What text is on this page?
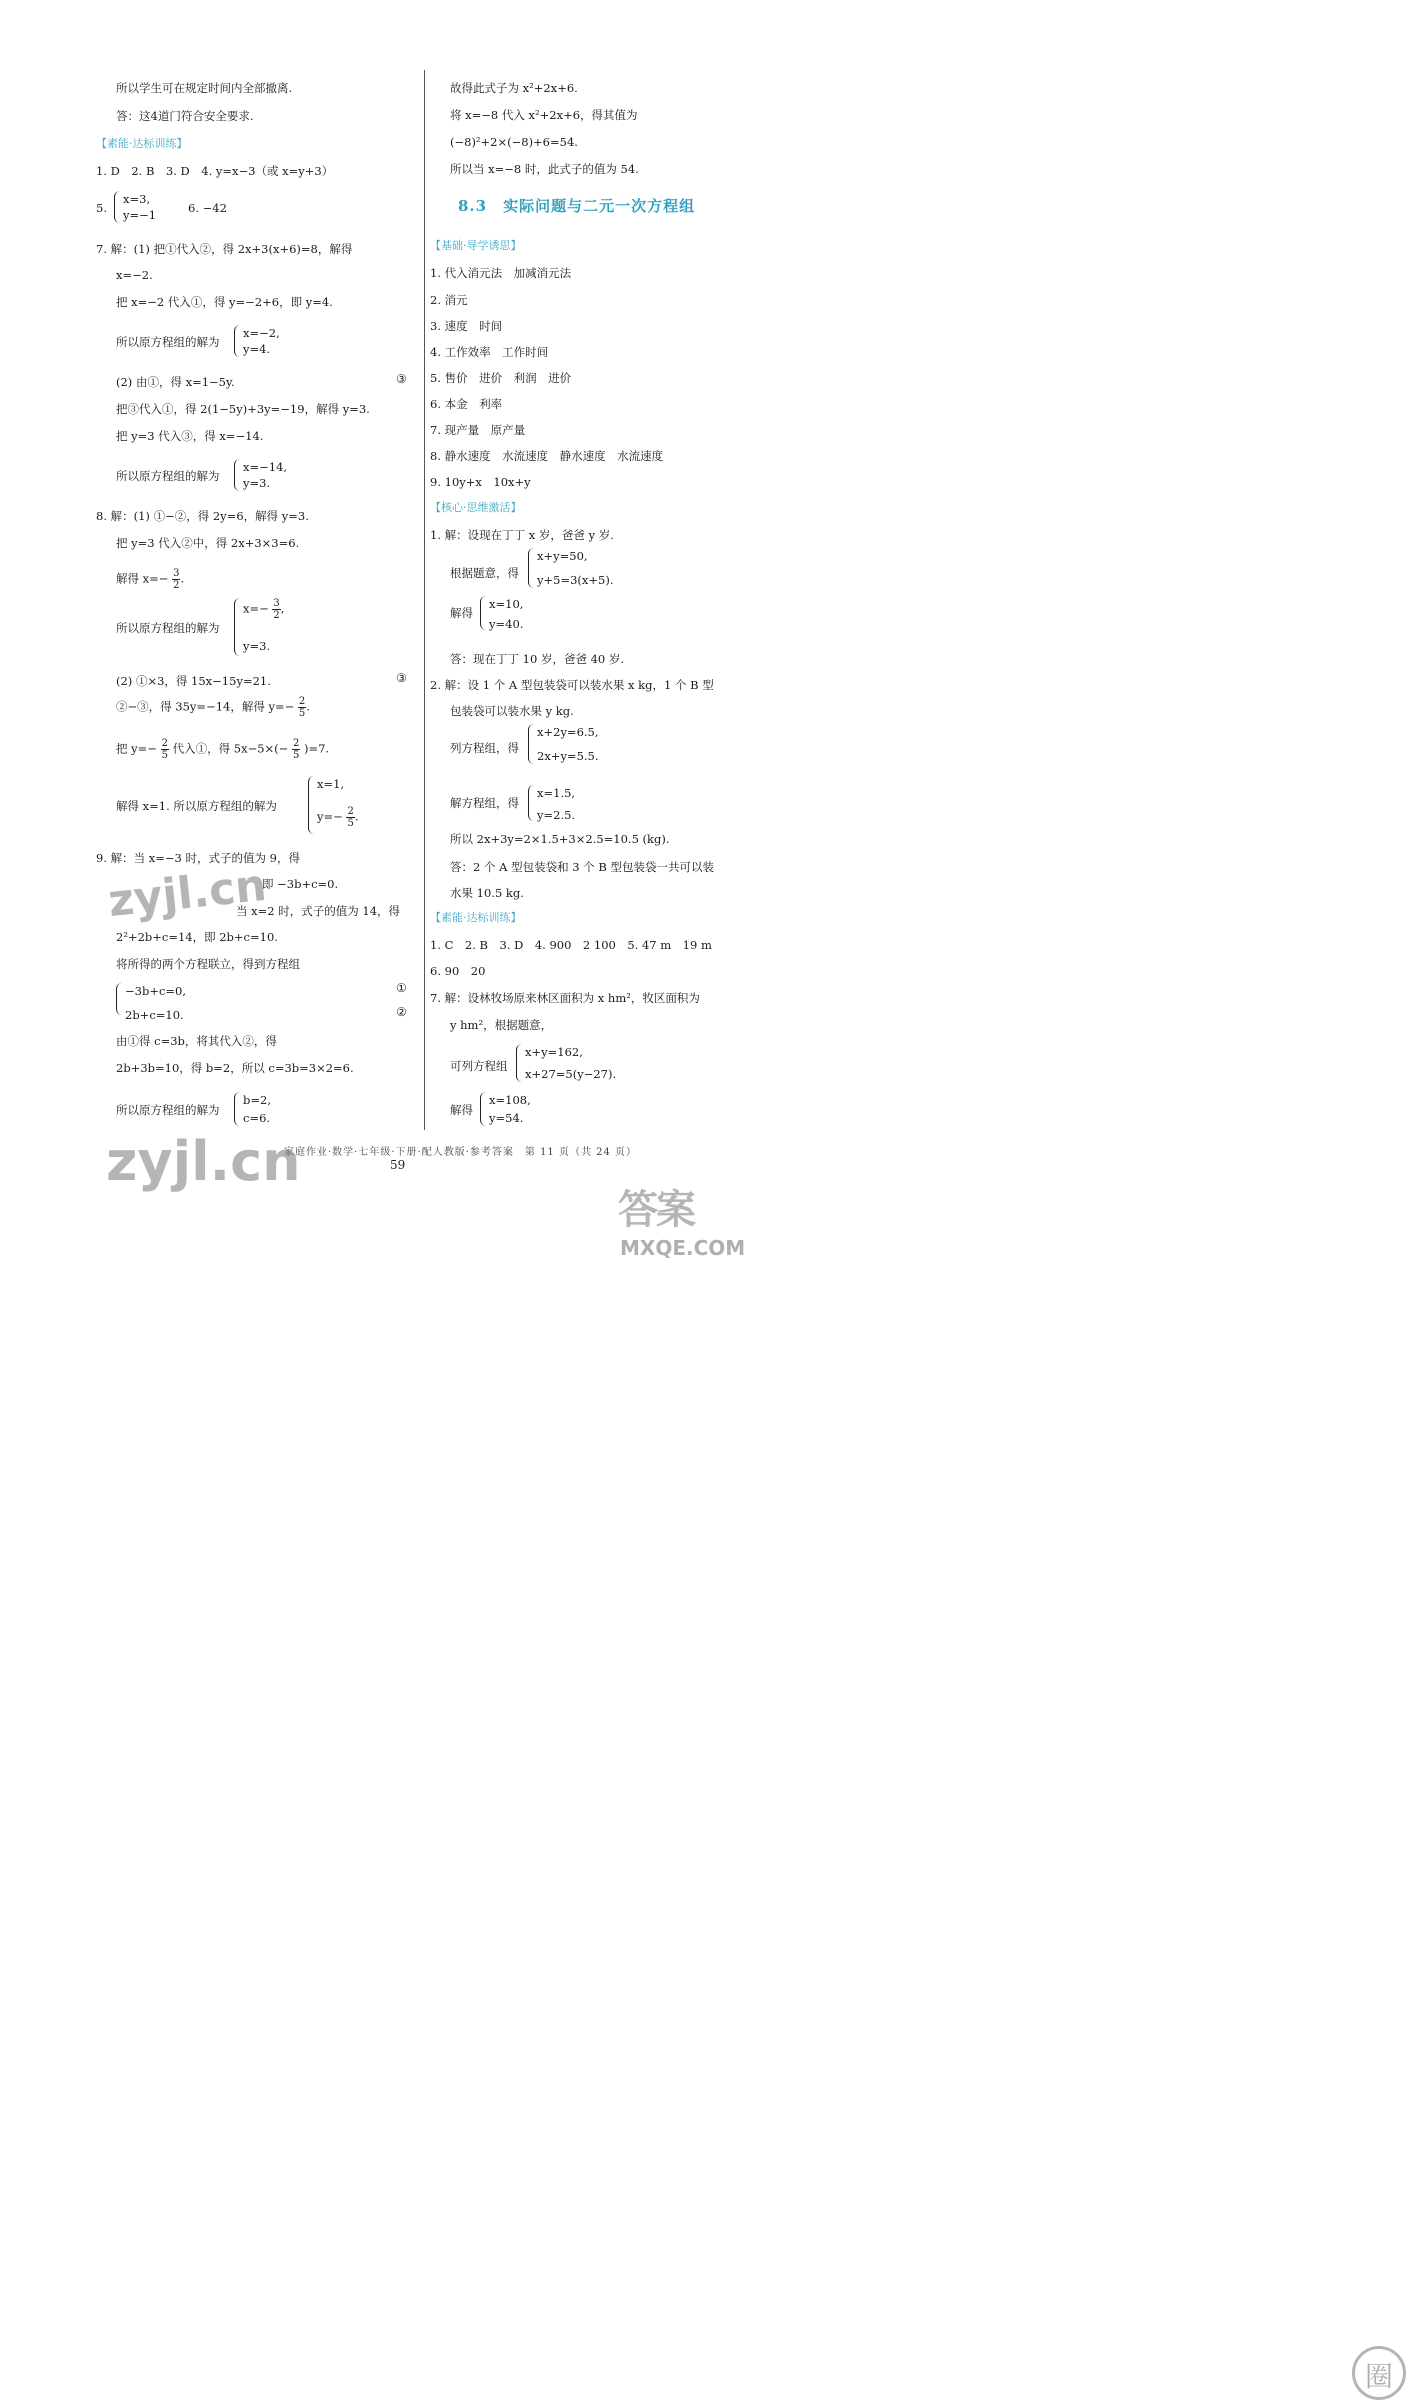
所以学生可在规定时间内全部撤离.
答：这4道门符合安全要求.
【素能·达标训练】
1. D　2. B　3. D　4. y=x−3（或 x=y+3）
5.
x=3,
y=−1	6. −42
7. 解：(1) 把①代入②，得 2x+3(x+6)=8，解得
x=−2.
把 x=−2 代入①，得 y=−2+6，即 y=4.
所以原方程组的解为
x=−2,
y=4.
(2) 由①，得 x=1−5y.	③
把③代入①，得 2(1−5y)+3y=−19，解得 y=3.
把 y=3 代入③，得 x=−14.
所以原方程组的解为
x=−14,
y=3.
8. 解：(1) ①−②，得 2y=6，解得 y=3.
把 y=3 代入②中，得 2x+3×3=6.
解得 $x=- \frac{3}{2}$ .
所以原方程组的解为
$x=- \frac{3}{2}$ ,
y=3.
(2) ①×3，得 15x−15y=21.	③
②−③，得 35y=−14，解得 $y=- \frac{2}{5}$ .
把 $y=- \frac{2}{5}$ 代入①，得 $5x-5\times(- \frac{2}{5} )=7$.
解得 x=1. 所以原方程组的解为
x=1,
$y=- \frac{2}{5}$ .
9. 解：当 x=−3 时，式子的值为 9，得
即 −3b+c=0.
当 x=2 时，式子的值为 14，得
2²+2b+c=14，即 2b+c=10.
将所得的两个方程联立，得到方程组
−3b+c=0,
2b+c=10.
①
②
由①得 c=3b，将其代入②，得
2b+3b=10，得 b=2，所以 c=3b=3×2=6.
所以原方程组的解为
b=2,
c=6.
故得此式子为 x²+2x+6.
将 x=−8 代入 x²+2x+6，得其值为
(−8)²+2×(−8)+6=54.
所以当 x=−8 时，此式子的值为 54.
8.3　实际问题与二元一次方程组
【基础·导学诱思】
1. 代入消元法　加减消元法
2. 消元
3. 速度　时间
4. 工作效率　工作时间
5. 售价　进价　利润　进价
6. 本金　利率
7. 现产量　原产量
8. 静水速度　水流速度　静水速度　水流速度
9. 10y+x　10x+y
【核心·思维激活】
1. 解：设现在丁丁 x 岁，爸爸 y 岁.
根据题意，得
x+y=50,
y+5=3(x+5).
解得
x=10,
y=40.
答：现在丁丁 10 岁，爸爸 40 岁.
2. 解：设 1 个 A 型包装袋可以装水果 x kg，1 个 B 型
包装袋可以装水果 y kg.
列方程组，得
x+2y=6.5,
2x+y=5.5.
解方程组，得
x=1.5,
y=2.5.
所以 2x+3y=2×1.5+3×2.5=10.5 (kg).
答：2 个 A 型包装袋和 3 个 B 型包装袋一共可以装
水果 10.5 kg.
【素能·达标训练】
1. C　2. B　3. D　4. 900　2 100　5. 47 m　19 m
6. 90　20
7. 解：设林牧场原来林区面积为 x hm²，牧区面积为
y hm²，根据题意，
可列方程组
x+y=162,
x+27=5(y−27).
解得
x=108,
y=54.
家庭作业·数学·七年级·下册·配人教版·参考答案　第 11 页（共 24 页）
59
zyjl.cn
zyjl.cn
答案
圈
MXQE.COM
